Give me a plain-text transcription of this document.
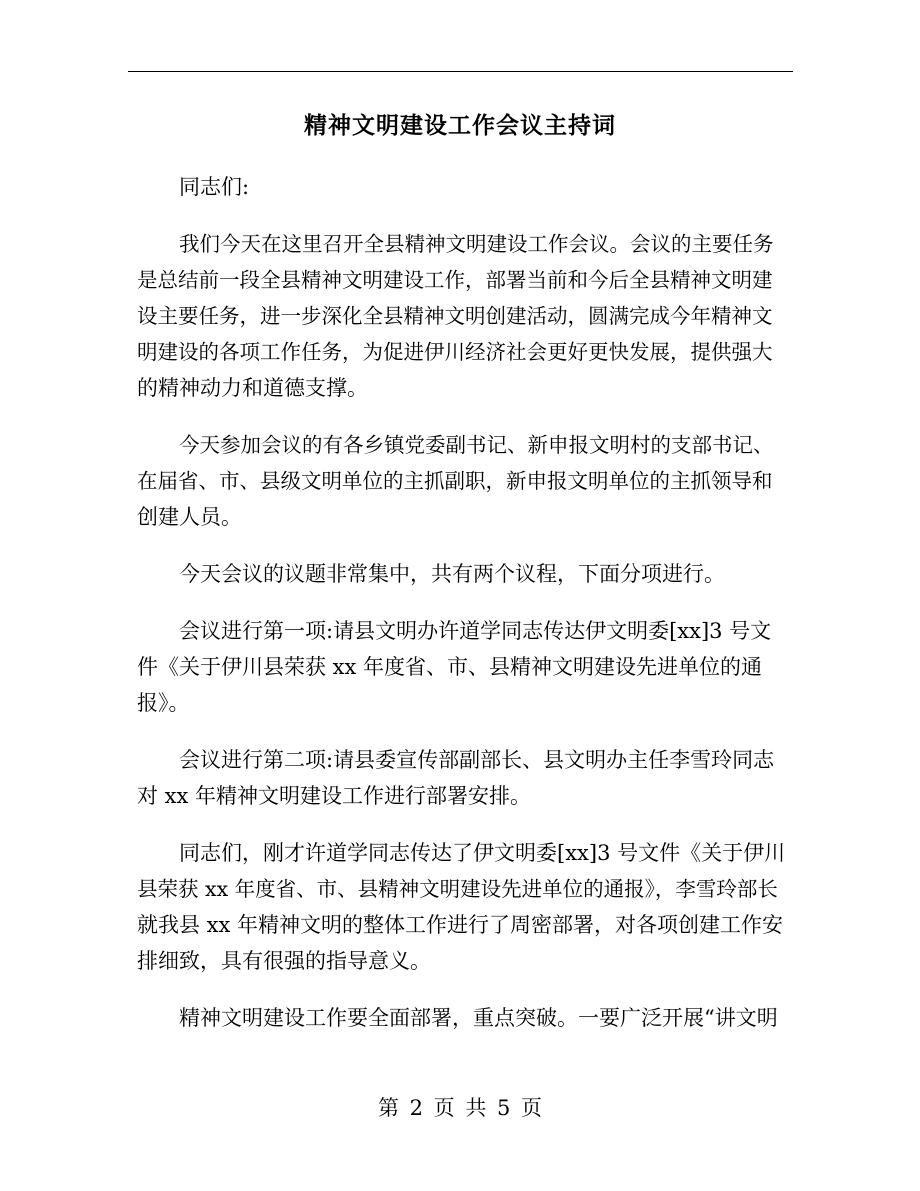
精神文明建设工作会议主持词
同志们:
我们今天在这里召开全县精神文明建设工作会议。会议的主要任务
是总结前一段全县精神文明建设工作，部署当前和今后全县精神文明建
设主要任务，进一步深化全县精神文明创建活动，圆满完成今年精神文
明建设的各项工作任务，为促进伊川经济社会更好更快发展，提供强大
的精神动力和道德支撑。
今天参加会议的有各乡镇党委副书记、新申报文明村的支部书记、
在届省、市、县级文明单位的主抓副职，新申报文明单位的主抓领导和
创建人员。
今天会议的议题非常集中，共有两个议程，下面分项进行。
会议进行第一项:请县文明办许道学同志传达伊文明委[xx]3 号文
件《关于伊川县荣获 xx 年度省、市、县精神文明建设先进单位的通
报》。
会议进行第二项:请县委宣传部副部长、县文明办主任李雪玲同志
对 xx 年精神文明建设工作进行部署安排。
同志们，刚才许道学同志传达了伊文明委[xx]3 号文件《关于伊川
县荣获 xx 年度省、市、县精神文明建设先进单位的通报》，李雪玲部长
就我县 xx 年精神文明的整体工作进行了周密部署，对各项创建工作安
排细致，具有很强的指导意义。
精神文明建设工作要全面部署，重点突破。一要广泛开展“讲文明
第 2 页 共 5 页
